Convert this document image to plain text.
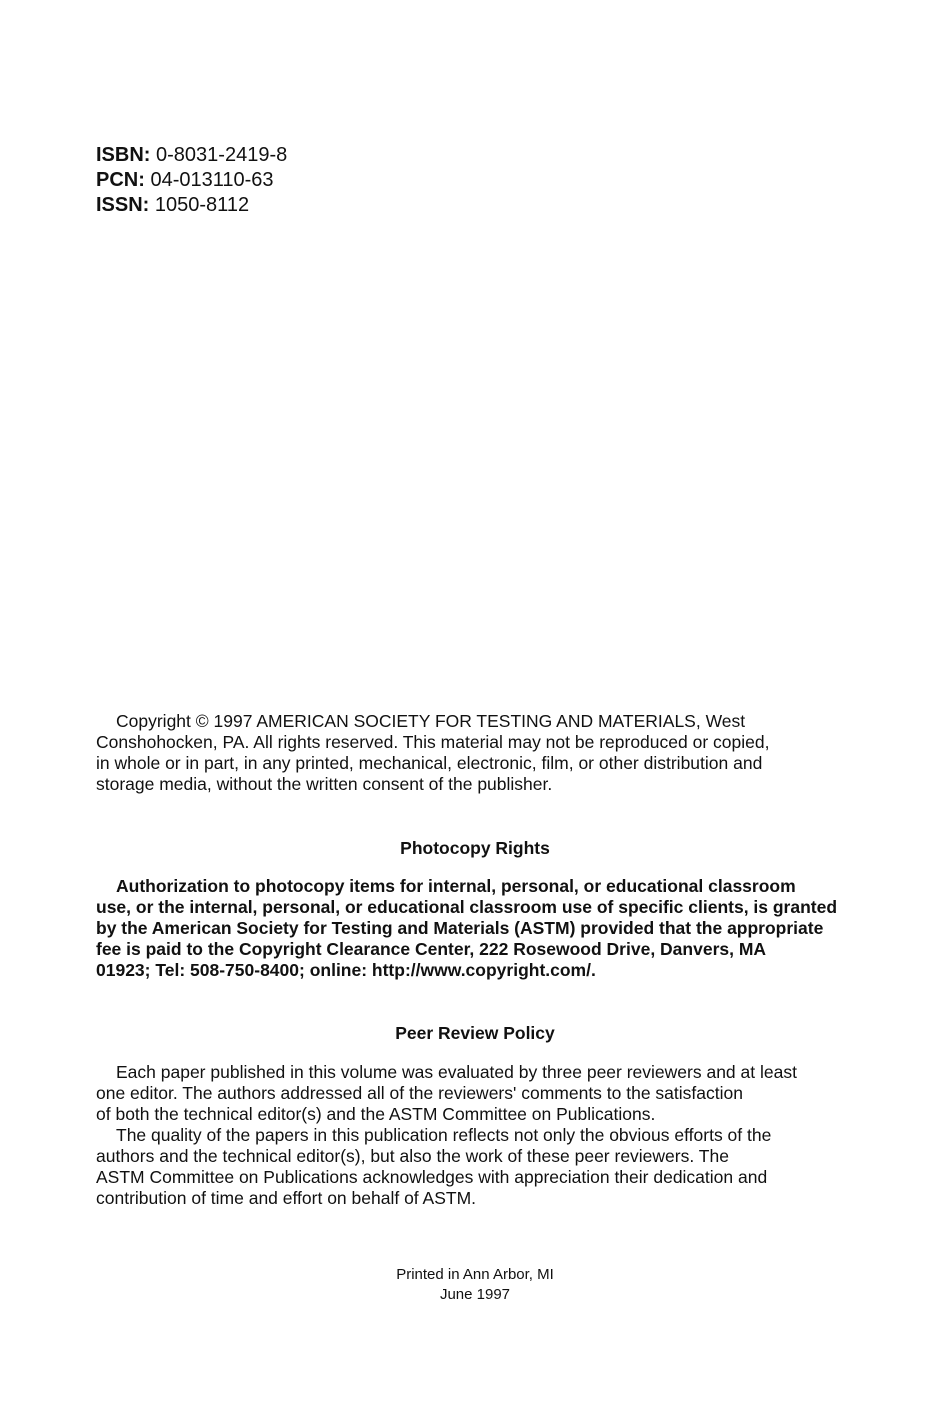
ISBN: 0-8031-2419-8
PCN: 04-013110-63
ISSN: 1050-8112
Copyright © 1997 AMERICAN SOCIETY FOR TESTING AND MATERIALS, West
Conshohocken, PA. All rights reserved. This material may not be reproduced or copied,
in whole or in part, in any printed, mechanical, electronic, film, or other distribution and
storage media, without the written consent of the publisher.
Photocopy Rights
Authorization to photocopy items for internal, personal, or educational classroom
use, or the internal, personal, or educational classroom use of specific clients, is granted
by the American Society for Testing and Materials (ASTM) provided that the appropriate
fee is paid to the Copyright Clearance Center, 222 Rosewood Drive, Danvers, MA
01923; Tel: 508-750-8400; online: http://www.copyright.com/.
Peer Review Policy
Each paper published in this volume was evaluated by three peer reviewers and at least
one editor. The authors addressed all of the reviewers' comments to the satisfaction
of both the technical editor(s) and the ASTM Committee on Publications.
The quality of the papers in this publication reflects not only the obvious efforts of the
authors and the technical editor(s), but also the work of these peer reviewers. The
ASTM Committee on Publications acknowledges with appreciation their dedication and
contribution of time and effort on behalf of ASTM.
Printed in Ann Arbor, MI
June 1997
